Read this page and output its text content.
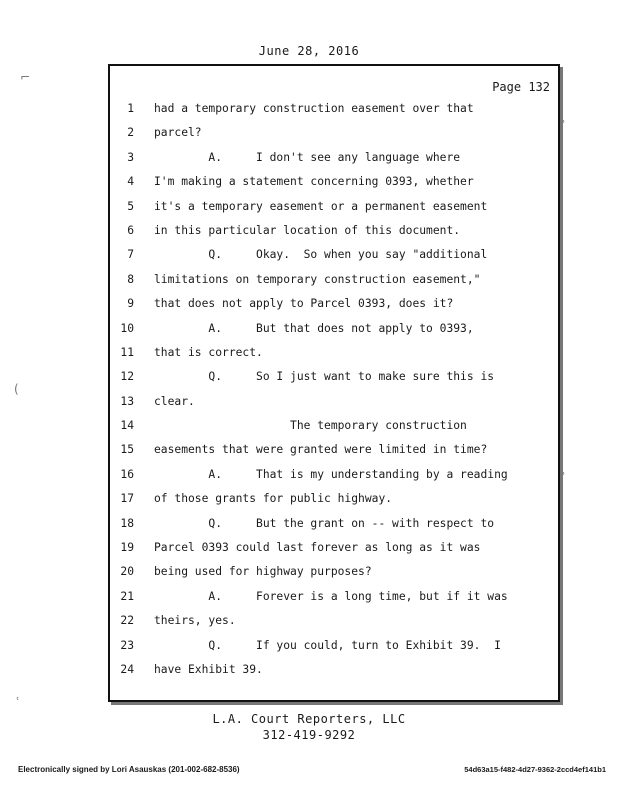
June 28, 2016
Page 132
1 had a temporary construction easement over that
2 parcel?
3 A.     I don't see any language where
4 I'm making a statement concerning 0393, whether
5 it's a temporary easement or a permanent easement
6 in this particular location of this document.
7 Q.     Okay.  So when you say "additional
8 limitations on temporary construction easement,"
9 that does not apply to Parcel 0393, does it?
10 A.     But that does not apply to 0393,
11 that is correct.
12 Q.     So I just want to make sure this is
13 clear.
14 The temporary construction
15 easements that were granted were limited in time?
16 A.     That is my understanding by a reading
17 of those grants for public highway.
18 Q.     But the grant on -- with respect to
19 Parcel 0393 could last forever as long as it was
20 being used for highway purposes?
21 A.     Forever is a long time, but if it was
22 theirs, yes.
23 Q.     If you could, turn to Exhibit 39.  I
24 have Exhibit 39.
L.A. Court Reporters, LLC
312-419-9292
Electronically signed by Lori Asauskas (201-002-682-8536)	54d63a15-f482-4d27-9362-2ccd4ef141b1
⌐
(
ʿ
ʾ
ʾ
